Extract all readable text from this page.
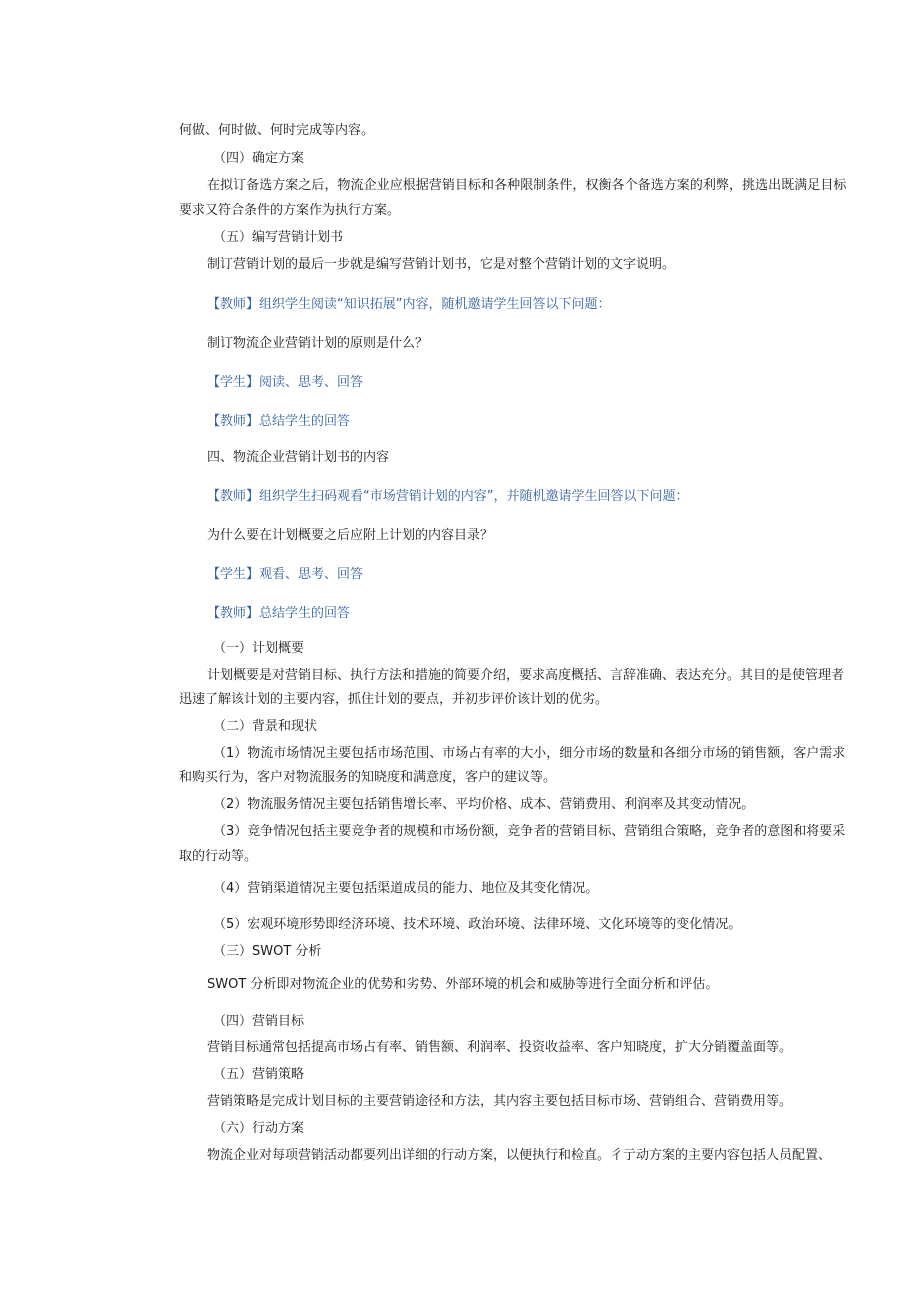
何做、何时做、何时完成等内容。
（四）确定方案
在拟订备选方案之后，物流企业应根据营销目标和各种限制条件，权衡各个备选方案的利弊，挑选出既满足目标
要求又符合条件的方案作为执行方案。
（五）编写营销计划书
制订营销计划的最后一步就是编写营销计划书，它是对整个营销计划的文字说明。
【教师】组织学生阅读“知识拓展”内容，随机邀请学生回答以下问题：
制订物流企业营销计划的原则是什么？
【学生】阅读、思考、回答
【教师】总结学生的回答
四、物流企业营销计划书的内容
【教师】组织学生扫码观看“市场营销计划的内容”，并随机邀请学生回答以下问题：
为什么要在计划概要之后应附上计划的内容目录？
【学生】观看、思考、回答
【教师】总结学生的回答
（一）计划概要
计划概要是对营销目标、执行方法和措施的简要介绍，要求高度概括、言辞准确、表达充分。其目的是使管理者
迅速了解该计划的主要内容，抓住计划的要点，并初步评价该计划的优劣。
（二）背景和现状
（1）物流市场情况主要包括市场范围、市场占有率的大小，细分市场的数量和各细分市场的销售额，客户需求
和购买行为，客户对物流服务的知晓度和满意度，客户的建议等。
（2）物流服务情况主要包括销售增长率、平均价格、成本、营销费用、利润率及其变动情况。
（3）竞争情况包括主要竞争者的规模和市场份额，竞争者的营销目标、营销组合策略，竞争者的意图和将要采
取的行动等。
（4）营销渠道情况主要包括渠道成员的能力、地位及其变化情况。
（5）宏观环境形势即经济环境、技术环境、政治环境、法律环境、文化环境等的变化情况。
（三）SWOT 分析
SWOT 分析即对物流企业的优势和劣势、外部环境的机会和威胁等进行全面分析和评估。
（四）营销目标
营销目标通常包括提高市场占有率、销售额、利润率、投资收益率、客户知晓度，扩大分销覆盖面等。
（五）营销策略
营销策略是完成计划目标的主要营销途径和方法，其内容主要包括目标市场、营销组合、营销费用等。
（六）行动方案
物流企业对每项营销活动都要列出详细的行动方案，以便执行和检直。彳亍动方案的主要内容包括人员配置、
